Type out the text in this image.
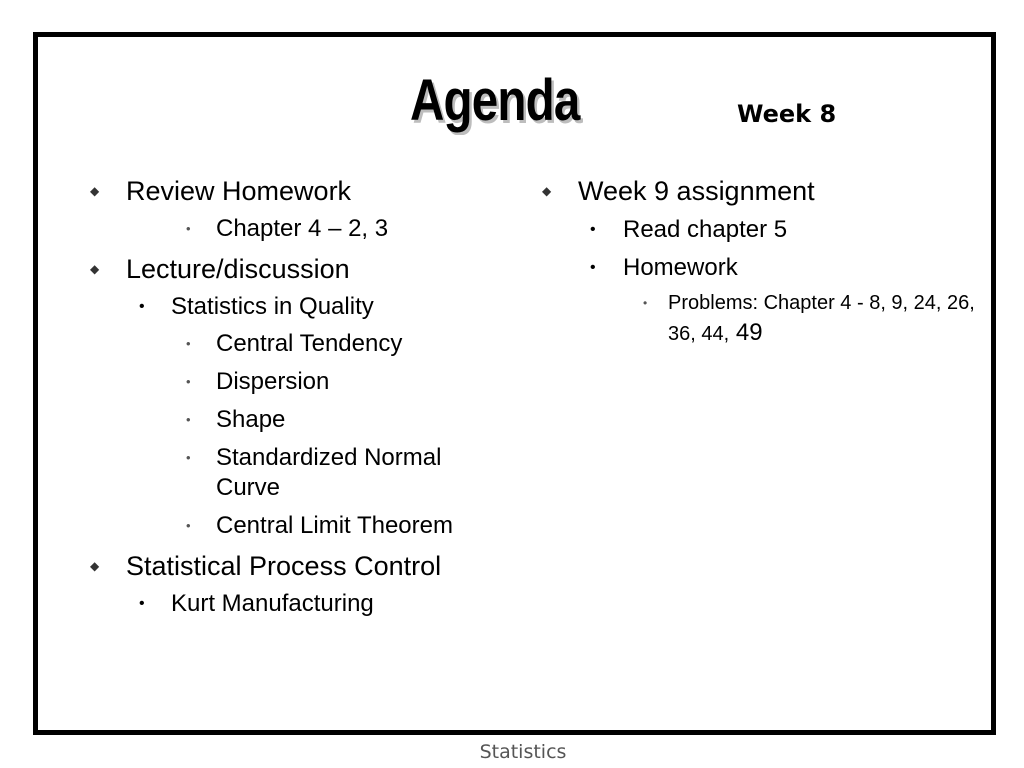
Agenda	Week 8
◆ Review Homework
• Chapter 4 – 2, 3
◆ Lecture/discussion
• Statistics in Quality
• Central Tendency
• Dispersion
• Shape
• Standardized Normal Curve
• Central Limit Theorem
◆ Statistical Process Control
• Kurt Manufacturing
◆ Week 9 assignment
• Read chapter 5
• Homework
• Problems: Chapter 4 - 8, 9, 24, 26, 36, 44, 49
Statistics
